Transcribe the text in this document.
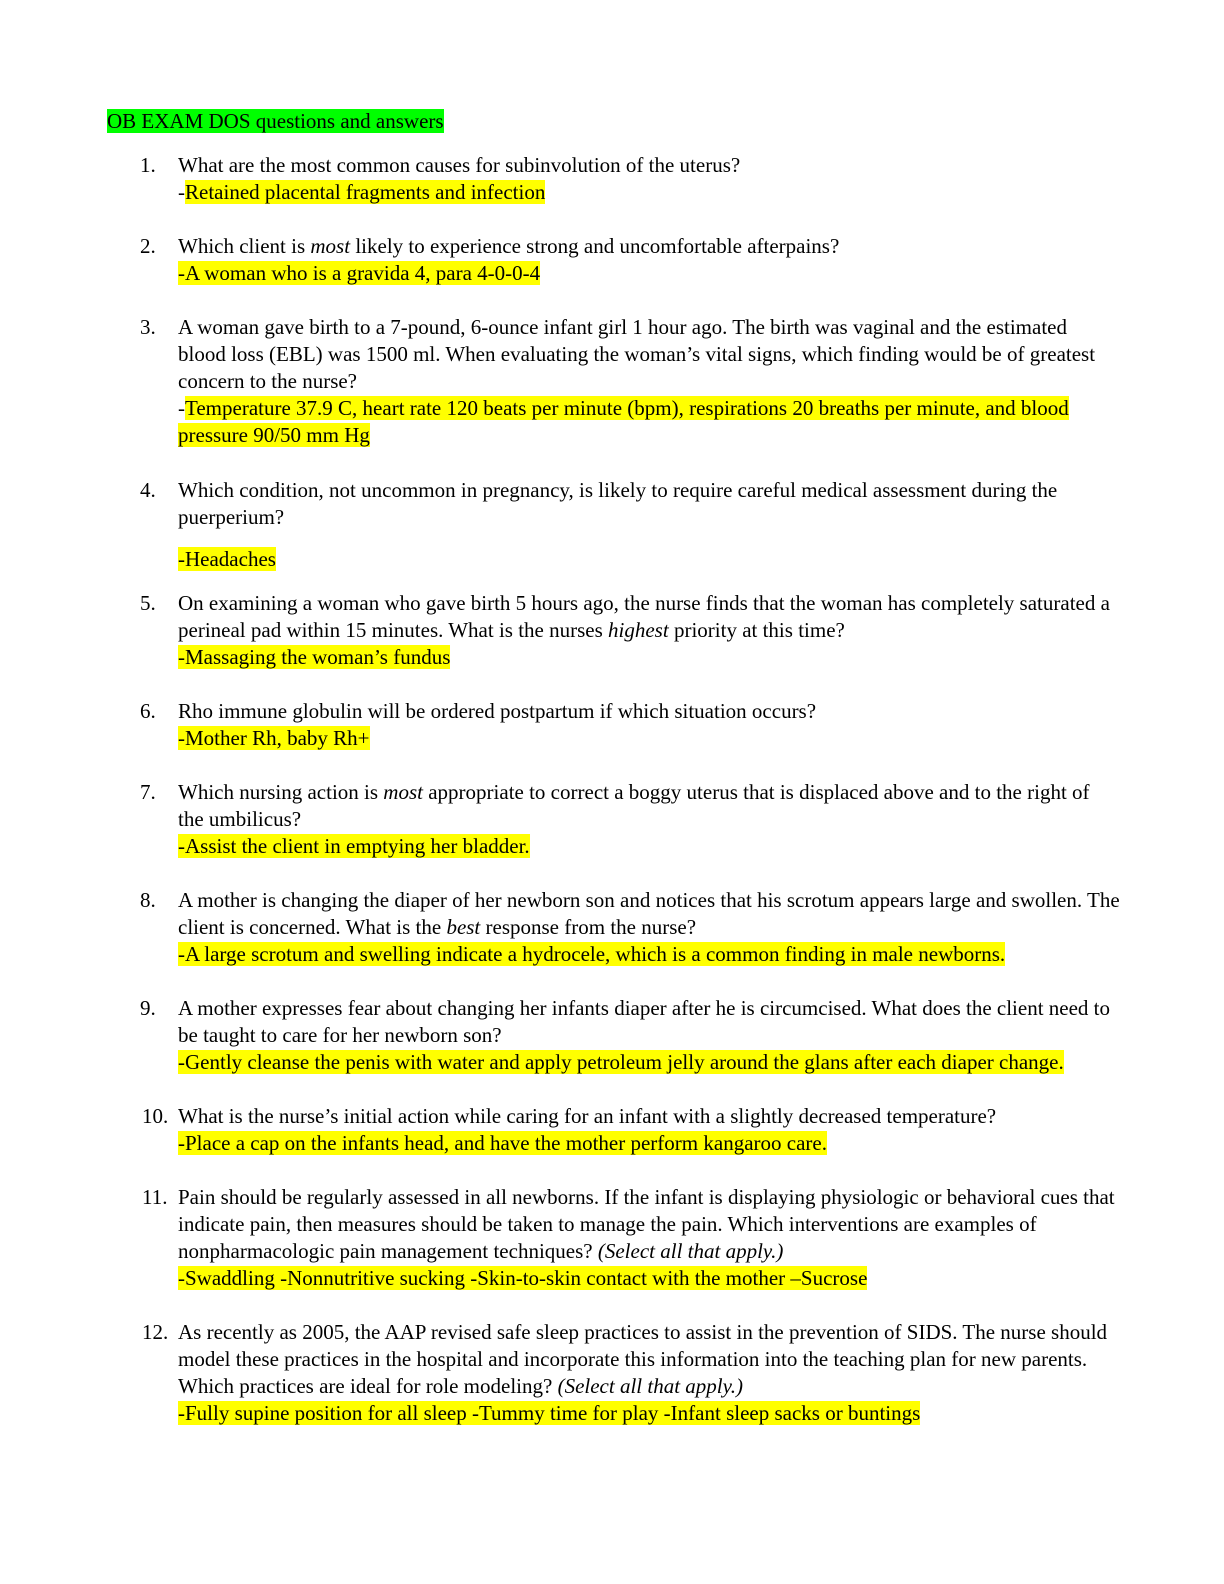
OB EXAM DOS questions and answers
1.	What are the most common causes for subinvolution of the uterus?
-Retained placental fragments and infection
2.	Which client is most likely to experience strong and uncomfortable afterpains?
-A woman who is a gravida 4, para 4-0-0-4
3.	A woman gave birth to a 7-pound, 6-ounce infant girl 1 hour ago. The birth was vaginal and the estimated blood loss (EBL) was 1500 ml. When evaluating the woman’s vital signs, which finding would be of greatest concern to the nurse?
-Temperature 37.9 C, heart rate 120 beats per minute (bpm), respirations 20 breaths per minute, and blood pressure 90/50 mm Hg
4.	Which condition, not uncommon in pregnancy, is likely to require careful medical assessment during the puerperium?
-Headaches
5.	On examining a woman who gave birth 5 hours ago, the nurse finds that the woman has completely saturated a perineal pad within 15 minutes. What is the nurses highest priority at this time?
-Massaging the woman’s fundus
6.	Rho immune globulin will be ordered postpartum if which situation occurs?
-Mother Rh, baby Rh+
7.	Which nursing action is most appropriate to correct a boggy uterus that is displaced above and to the right of the umbilicus?
-Assist the client in emptying her bladder.
8.	A mother is changing the diaper of her newborn son and notices that his scrotum appears large and swollen. The client is concerned. What is the best response from the nurse?
-A large scrotum and swelling indicate a hydrocele, which is a common finding in male newborns.
9.	A mother expresses fear about changing her infants diaper after he is circumcised. What does the client need to be taught to care for her newborn son?
-Gently cleanse the penis with water and apply petroleum jelly around the glans after each diaper change.
10. What is the nurse’s initial action while caring for an infant with a slightly decreased temperature?
-Place a cap on the infants head, and have the mother perform kangaroo care.
11. Pain should be regularly assessed in all newborns. If the infant is displaying physiologic or behavioral cues that indicate pain, then measures should be taken to manage the pain. Which interventions are examples of nonpharmacologic pain management techniques? (Select all that apply.)
-Swaddling -Nonnutritive sucking -Skin-to-skin contact with the mother –Sucrose
12. As recently as 2005, the AAP revised safe sleep practices to assist in the prevention of SIDS. The nurse should model these practices in the hospital and incorporate this information into the teaching plan for new parents. Which practices are ideal for role modeling? (Select all that apply.)
-Fully supine position for all sleep -Tummy time for play -Infant sleep sacks or buntings
